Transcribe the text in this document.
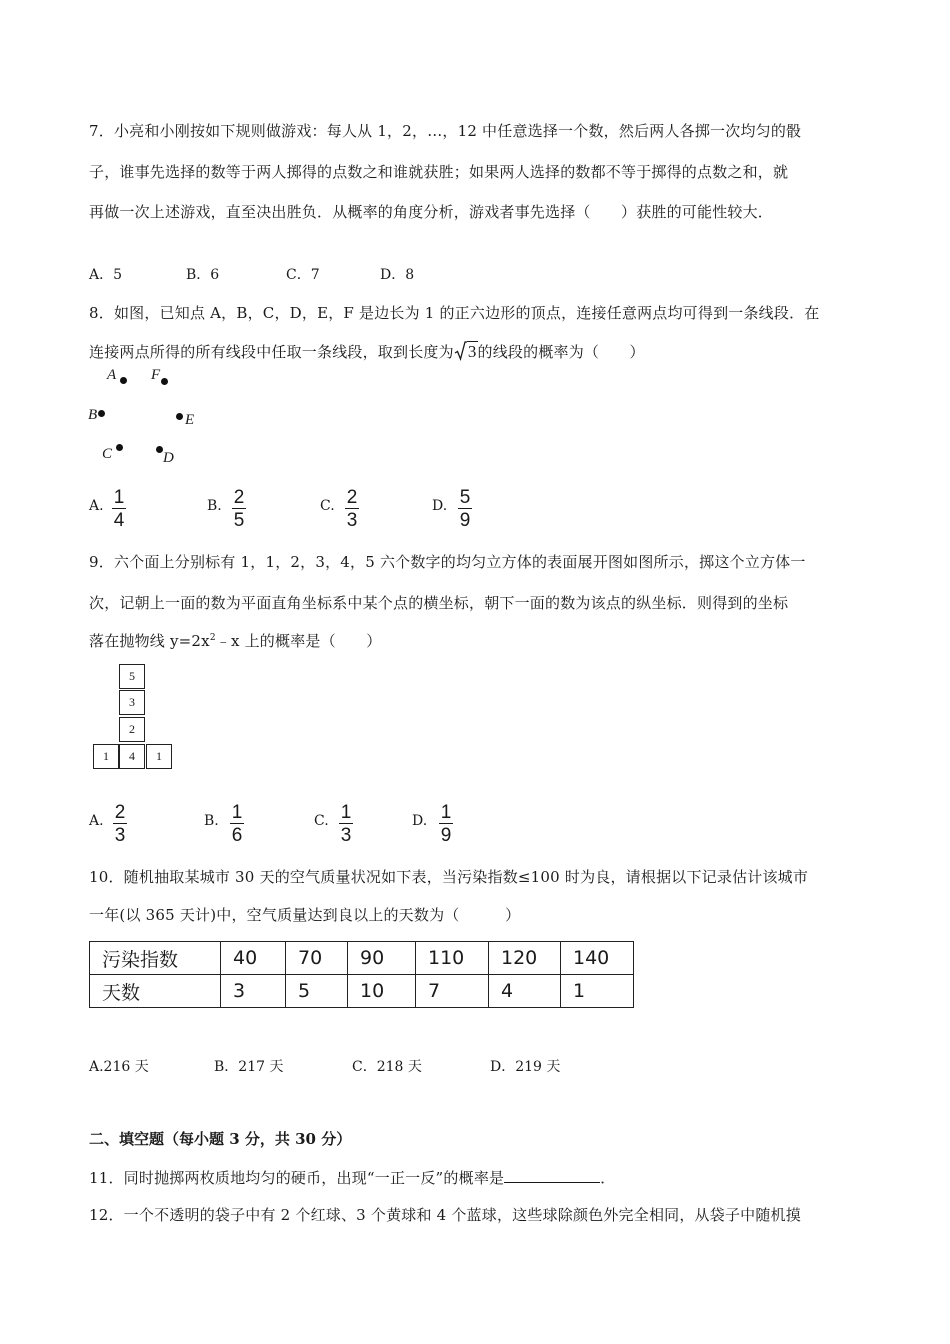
7．小亮和小刚按如下规则做游戏：每人从 1，2，…，12 中任意选择一个数，然后两人各掷一次均匀的骰
子，谁事先选择的数等于两人掷得的点数之和谁就获胜；如果两人选择的数都不等于掷得的点数之和，就
再做一次上述游戏，直至决出胜负．从概率的角度分析，游戏者事先选择（　　）获胜的可能性较大．
A．5	B．6	C．7	D．8
8．如图，已知点 A，B，C，D，E，F 是边长为 1 的正六边形的顶点，连接任意两点均可得到一条线段．在
连接两点所得的所有线段中任取一条线段，取到长度为 3的线段的概率为（　　）
A F
B	E
C	D
A. 1
4
B. 2
5
C. 2
3
D. 5
9
9．六个面上分别标有 1，1，2，3，4，5 六个数字的均匀立方体的表面展开图如图所示，掷这个立方体一
次，记朝上一面的数为平面直角坐标系中某个点的横坐标，朝下一面的数为该点的纵坐标．则得到的坐标
落在抛物线 $y=2x^2﹣x$ 上的概率是（　　）
5
3
2
1	4	1
A. 2
3
B. 1
6
C. 1
3
D. 1
9
10．随机抽取某城市 30 天的空气质量状况如下表，当污染指数≤100 时为良，请根据以下记录估计该城市
一年(以 365 天计)中，空气质量达到良以上的天数为（　　　）
污染指数	40	70	90	110	120	140
天数	3	5	10	7	4	1
A.216 天	B．217 天	C．218 天	D．219 天
二、填空题（每小题 3 分，共 30 分）
11．同时抛掷两枚质地均匀的硬币，出现“一正一反”的概率是	．
12．一个不透明的袋子中有 2 个红球、3 个黄球和 4 个蓝球，这些球除颜色外完全相同，从袋子中随机摸
